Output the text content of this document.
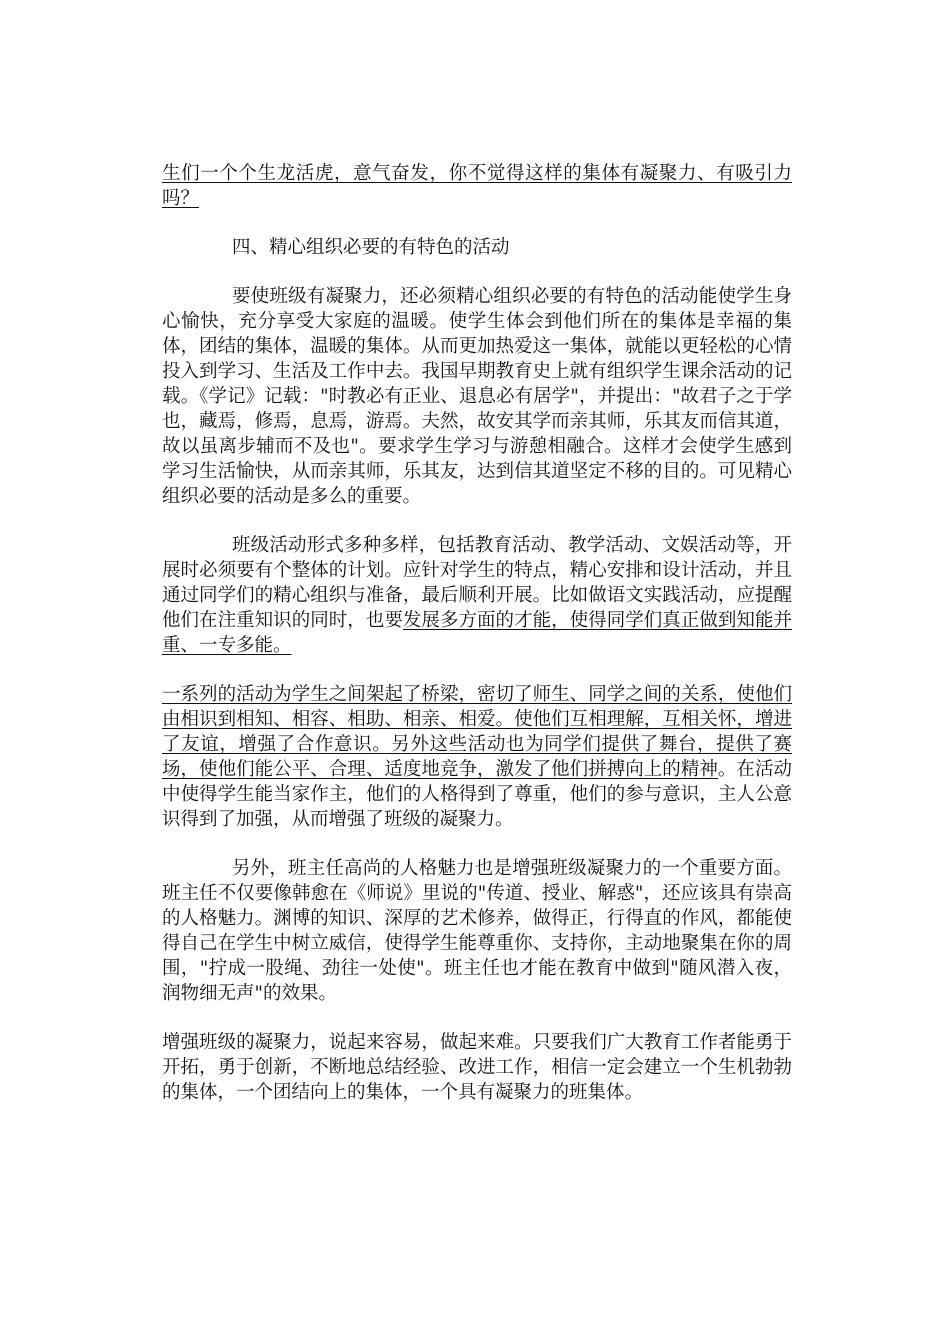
生们一个个生龙活虎，意气奋发，你不觉得这样的集体有凝聚力、有吸引力吗？

四、精心组织必要的有特色的活动

要使班级有凝聚力，还必须精心组织必要的有特色的活动能使学生身心愉快，充分享受大家庭的温暖。使学生体会到他们所在的集体是幸福的集体，团结的集体，温暖的集体。从而更加热爱这一集体，就能以更轻松的心情投入到学习、生活及工作中去。我国早期教育史上就有组织学生课余活动的记载。《学记》记载："时教必有正业、退息必有居学"，并提出："故君子之于学也，藏焉，修焉，息焉，游焉。夫然，故安其学而亲其师，乐其友而信其道，故以虽离步辅而不及也"。要求学生学习与游憩相融合。这样才会使学生感到学习生活愉快，从而亲其师，乐其友，达到信其道坚定不移的目的。可见精心组织必要的活动是多么的重要。

班级活动形式多种多样，包括教育活动、教学活动、文娱活动等，开展时必须要有个整体的计划。应针对学生的特点，精心安排和设计活动，并且通过同学们的精心组织与准备，最后顺利开展。比如做语文实践活动，应提醒他们在注重知识的同时，也要发展多方面的才能，使得同学们真正做到知能并重、一专多能。

一系列的活动为学生之间架起了桥梁，密切了师生、同学之间的关系，使他们由相识到相知、相容、相助、相亲、相爱。使他们互相理解，互相关怀，增进了友谊，增强了合作意识。另外这些活动也为同学们提供了舞台，提供了赛场，使他们能公平、合理、适度地竞争，激发了他们拼搏向上的精神。在活动中使得学生能当家作主，他们的人格得到了尊重，他们的参与意识，主人公意识得到了加强，从而增强了班级的凝聚力。

另外，班主任高尚的人格魅力也是增强班级凝聚力的一个重要方面。班主任不仅要像韩愈在《师说》里说的"传道、授业、解惑"，还应该具有崇高的人格魅力。渊博的知识、深厚的艺术修养，做得正，行得直的作风，都能使得自己在学生中树立威信，使得学生能尊重你、支持你，主动地聚集在你的周围，"拧成一股绳、劲往一处使"。班主任也才能在教育中做到"随风潜入夜，润物细无声"的效果。

增强班级的凝聚力，说起来容易，做起来难。只要我们广大教育工作者能勇于开拓，勇于创新，不断地总结经验、改进工作，相信一定会建立一个生机勃勃的集体，一个团结向上的集体，一个具有凝聚力的班集体。
